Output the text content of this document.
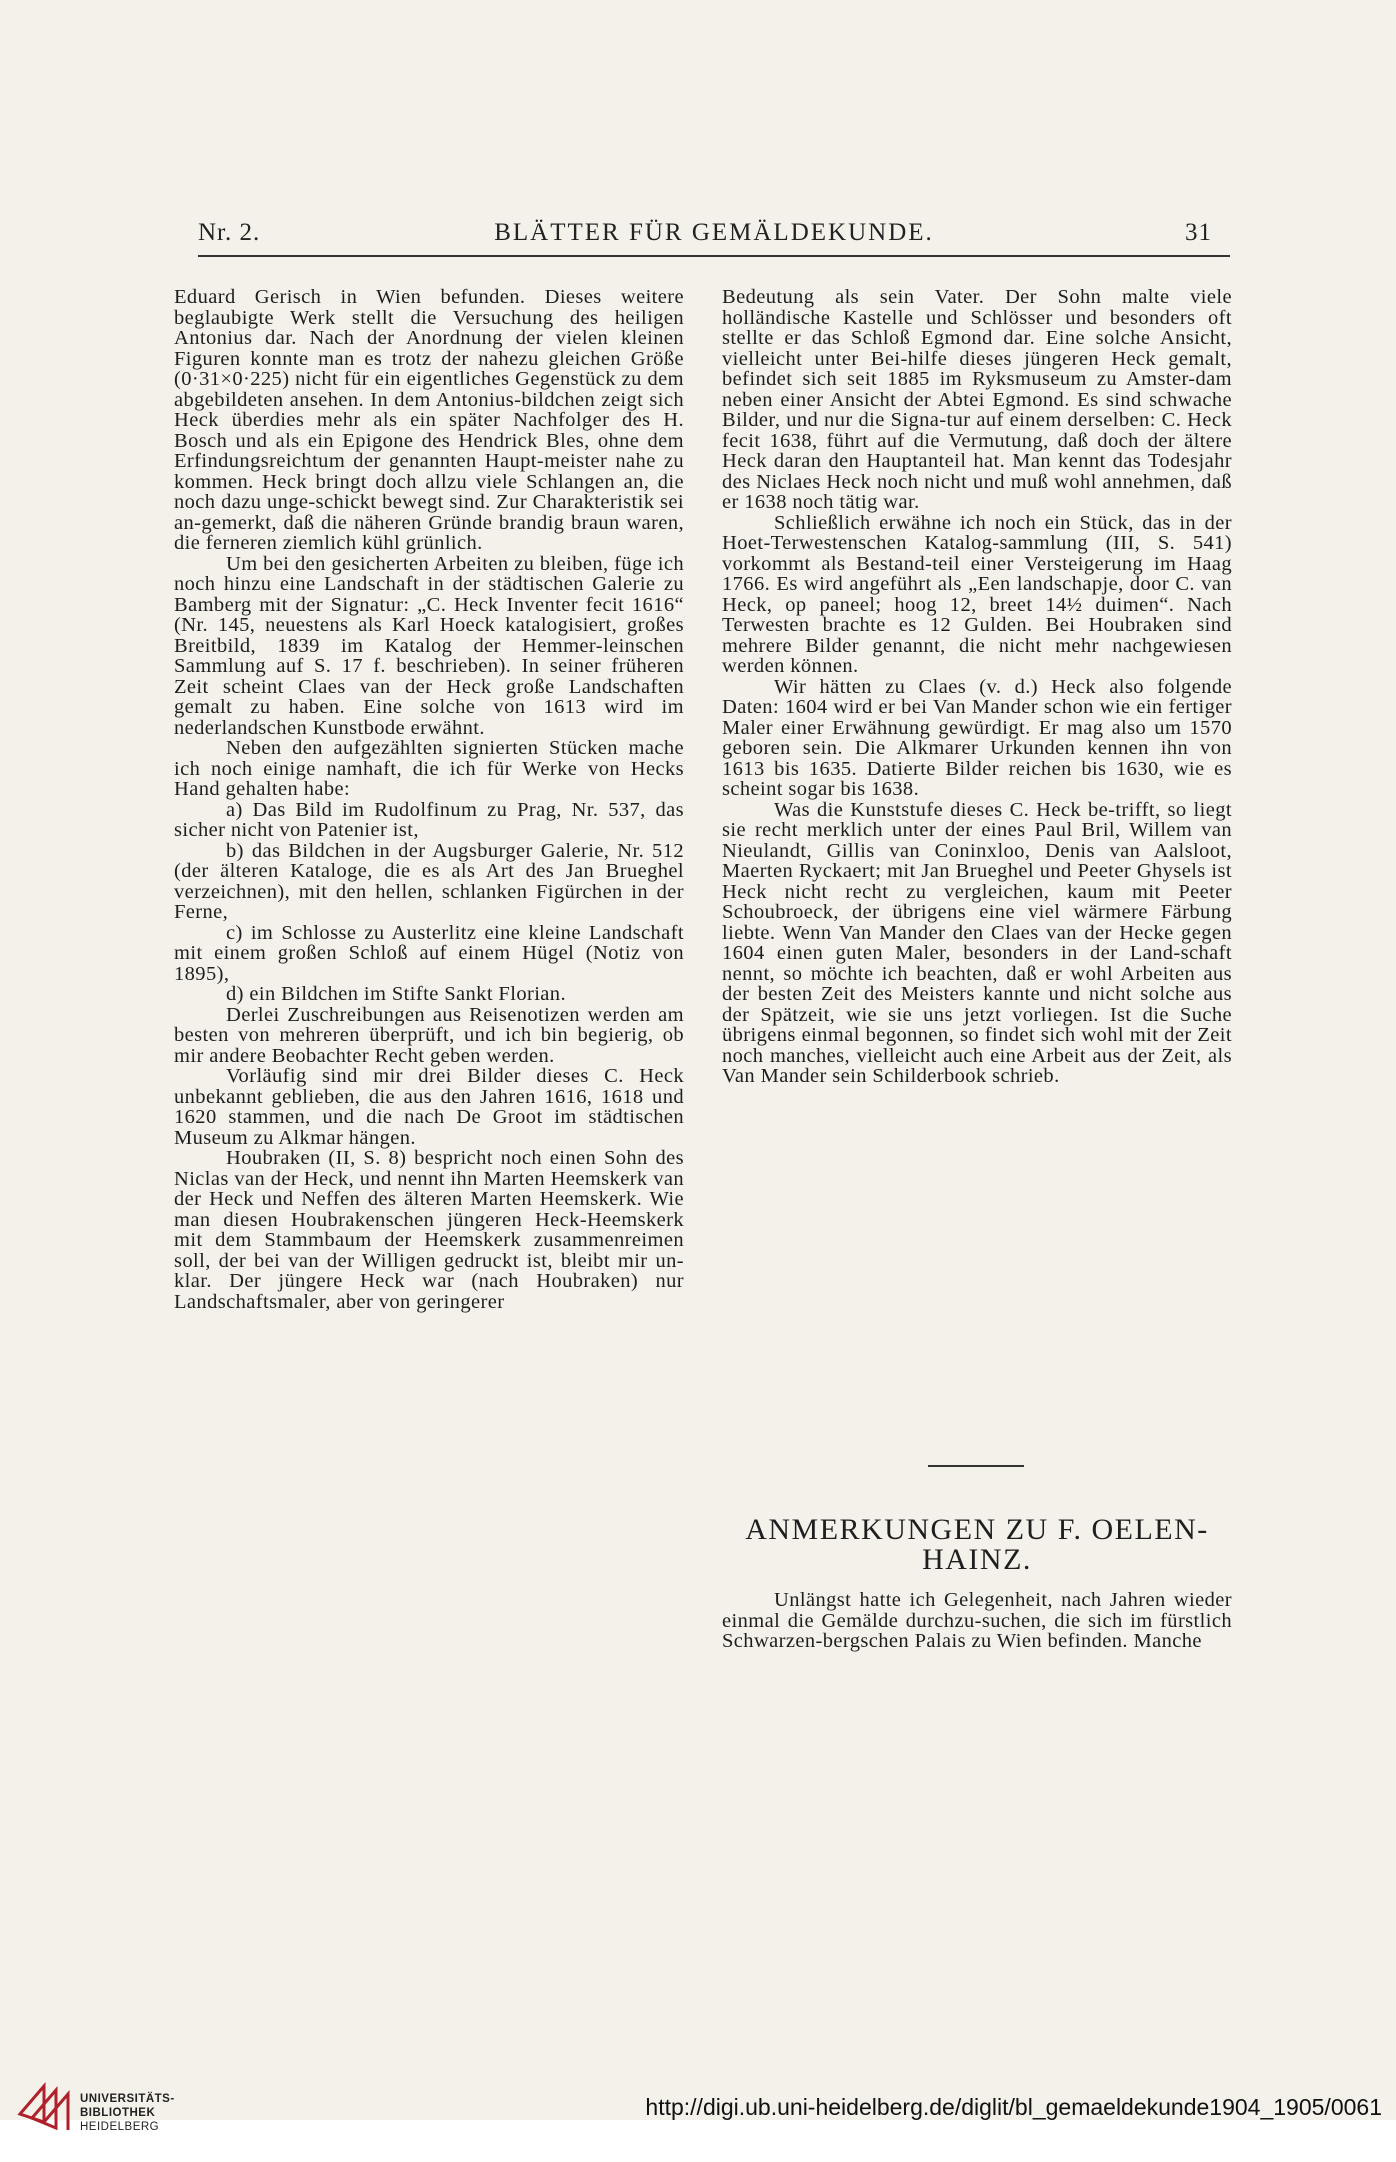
Nr. 2.	BLÄTTER FÜR GEMÄLDEKUNDE.	31

Eduard Gerisch in Wien befunden. Dieses weitere beglaubigte Werk stellt die Versuchung des heiligen Antonius dar. Nach der Anordnung der vielen kleinen Figuren konnte man es trotz der nahezu gleichen Größe (0·31×0·225) nicht für ein eigentliches Gegenstück zu dem abgebildeten ansehen. In dem Antonius-bildchen zeigt sich Heck überdies mehr als ein später Nachfolger des H. Bosch und als ein Epigone des Hendrick Bles, ohne dem Erfindungsreichtum der genannten Haupt-meister nahe zu kommen. Heck bringt doch allzu viele Schlangen an, die noch dazu unge-schickt bewegt sind. Zur Charakteristik sei an-gemerkt, daß die näheren Gründe brandig braun waren, die ferneren ziemlich kühl grünlich.

Um bei den gesicherten Arbeiten zu bleiben, füge ich noch hinzu eine Landschaft in der städtischen Galerie zu Bamberg mit der Signatur: „C. Heck Inventer fecit 1616“ (Nr. 145, neuestens als Karl Hoeck katalogisiert, großes Breitbild, 1839 im Katalog der Hemmer-leinschen Sammlung auf S. 17 f. beschrieben). In seiner früheren Zeit scheint Claes van der Heck große Landschaften gemalt zu haben. Eine solche von 1613 wird im nederlandschen Kunstbode erwähnt.

Neben den aufgezählten signierten Stücken mache ich noch einige namhaft, die ich für Werke von Hecks Hand gehalten habe:

a) Das Bild im Rudolfinum zu Prag, Nr. 537, das sicher nicht von Patenier ist,

b) das Bildchen in der Augsburger Galerie, Nr. 512 (der älteren Kataloge, die es als Art des Jan Brueghel verzeichnen), mit den hellen, schlanken Figürchen in der Ferne,

c) im Schlosse zu Austerlitz eine kleine Landschaft mit einem großen Schloß auf einem Hügel (Notiz von 1895),

d) ein Bildchen im Stifte Sankt Florian.

Derlei Zuschreibungen aus Reisenotizen werden am besten von mehreren überprüft, und ich bin begierig, ob mir andere Beobachter Recht geben werden.

Vorläufig sind mir drei Bilder dieses C. Heck unbekannt geblieben, die aus den Jahren 1616, 1618 und 1620 stammen, und die nach De Groot im städtischen Museum zu Alkmar hängen.

Houbraken (II, S. 8) bespricht noch einen Sohn des Niclas van der Heck, und nennt ihn Marten Heemskerk van der Heck und Neffen des älteren Marten Heemskerk. Wie man diesen Houbrakenschen jüngeren Heck-Heemskerk mit dem Stammbaum der Heemskerk zusammenreimen soll, der bei van der Willigen gedruckt ist, bleibt mir un-klar. Der jüngere Heck war (nach Houbraken) nur Landschaftsmaler, aber von geringerer

Bedeutung als sein Vater. Der Sohn malte viele holländische Kastelle und Schlösser und besonders oft stellte er das Schloß Egmond dar. Eine solche Ansicht, vielleicht unter Bei-hilfe dieses jüngeren Heck gemalt, befindet sich seit 1885 im Ryksmuseum zu Amster-dam neben einer Ansicht der Abtei Egmond. Es sind schwache Bilder, und nur die Signa-tur auf einem derselben: C. Heck fecit 1638, führt auf die Vermutung, daß doch der ältere Heck daran den Hauptanteil hat. Man kennt das Todesjahr des Niclaes Heck noch nicht und muß wohl annehmen, daß er 1638 noch tätig war.

Schließlich erwähne ich noch ein Stück, das in der Hoet-Terwestenschen Katalog-sammlung (III, S. 541) vorkommt als Bestand-teil einer Versteigerung im Haag 1766. Es wird angeführt als „Een landschapje, door C. van Heck, op paneel; hoog 12, breet 14½ duimen“. Nach Terwesten brachte es 12 Gulden. Bei Houbraken sind mehrere Bilder genannt, die nicht mehr nachgewiesen werden können.

Wir hätten zu Claes (v. d.) Heck also folgende Daten: 1604 wird er bei Van Mander schon wie ein fertiger Maler einer Erwähnung gewürdigt. Er mag also um 1570 geboren sein. Die Alkmarer Urkunden kennen ihn von 1613 bis 1635. Datierte Bilder reichen bis 1630, wie es scheint sogar bis 1638.

Was die Kunststufe dieses C. Heck be-trifft, so liegt sie recht merklich unter der eines Paul Bril, Willem van Nieulandt, Gillis van Coninxloo, Denis van Aalsloot, Maerten Ryckaert; mit Jan Brueghel und Peeter Ghysels ist Heck nicht recht zu vergleichen, kaum mit Peeter Schoubroeck, der übrigens eine viel wärmere Färbung liebte. Wenn Van Mander den Claes van der Hecke gegen 1604 einen guten Maler, besonders in der Land-schaft nennt, so möchte ich beachten, daß er wohl Arbeiten aus der besten Zeit des Meisters kannte und nicht solche aus der Spätzeit, wie sie uns jetzt vorliegen. Ist die Suche übrigens einmal begonnen, so findet sich wohl mit der Zeit noch manches, vielleicht auch eine Arbeit aus der Zeit, als Van Mander sein Schilderbook schrieb.

ANMERKUNGEN ZU F. OELEN-HAINZ.

Unlängst hatte ich Gelegenheit, nach Jahren wieder einmal die Gemälde durchzu-suchen, die sich im fürstlich Schwarzen-bergschen Palais zu Wien befinden. Manche

UNIVERSITÄTS-
BIBLIOTHEK
HEIDELBERG
http://digi.ub.uni-heidelberg.de/diglit/bl_gemaeldekunde1904_1905/0061
